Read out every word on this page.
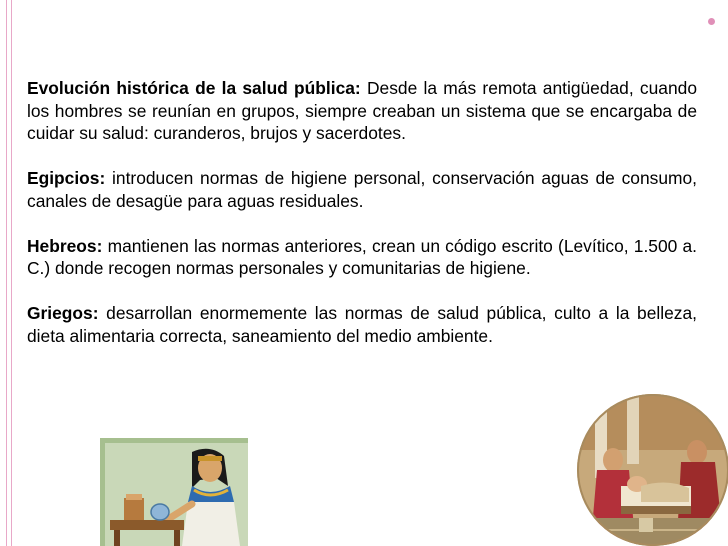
Evolución histórica de la salud pública: Desde la más remota antigüedad, cuando los hombres se reunían en grupos, siempre creaban un sistema que se encargaba de cuidar su salud: curanderos, brujos y sacerdotes.

Egipcios: introducen normas de higiene personal, conservación aguas de consumo, canales de desagüe para aguas residuales.

Hebreos: mantienen las normas anteriores, crean un código escrito (Levítico, 1.500 a. C.) donde recogen normas personales y comunitarias de higiene.

Griegos: desarrollan enormemente las normas de salud pública, culto a la belleza, dieta alimentaria correcta, saneamiento del medio ambiente.
